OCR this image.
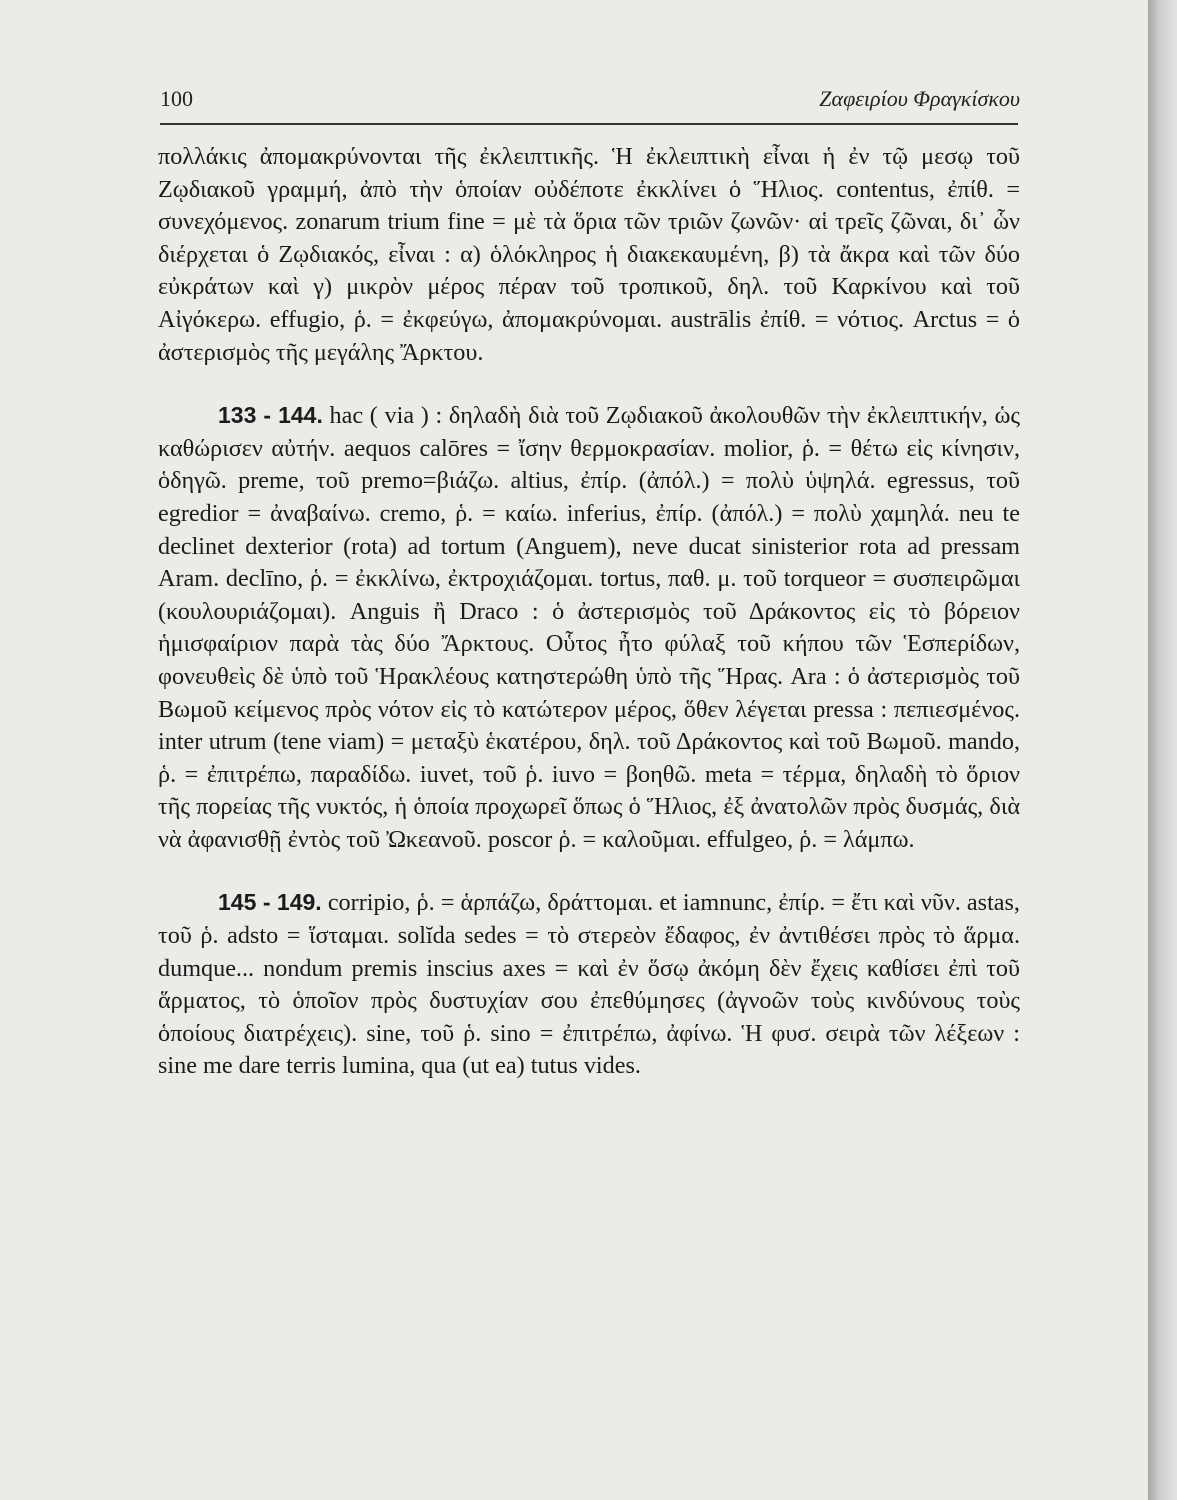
100	Ζαφειρίου Φραγκίσκου

πολλάκις ἀπομακρύνονται τῆς ἐκλειπτικῆς. Ἡ ἐκλειπτικὴ εἶναι ἡ ἐν τῷ μεσῳ τοῦ Ζῳδιακοῦ γραμμή, ἀπὸ τὴν ὁποίαν οὐδέποτε ἐκκλίνει ὁ Ἥλιος. contentus, ἐπίθ. = συνεχόμενος. zonarum trium fine = μὲ τὰ ὅρια τῶν τριῶν ζωνῶν· αἱ τρεῖς ζῶναι, δι᾽ ὧν διέρχεται ὁ Ζῳδιακός, εἶναι : α) ὁλόκληρος ἡ διακεκαυμένη, β) τὰ ἄκρα καὶ τῶν δύο εὐκράτων καὶ γ) μικρὸν μέρος πέραν τοῦ τροπικοῦ, δηλ. τοῦ Καρκίνου καὶ τοῦ Αἰγόκερω. effugio, ῥ. = ἐκφεύγω, ἀπομακρύνομαι. austrālis ἐπίθ. = νότιος. Arctus = ὁ ἀστερισμὸς τῆς μεγάλης Ἄρκτου.

133 - 144. hac ( via ) : δηλαδὴ διὰ τοῦ Ζῳδιακοῦ ἀκολουθῶν τὴν ἐκλειπτικήν, ὡς καθώρισεν αὐτήν. aequos calōres = ἴσην θερμοκρασίαν. molior, ῥ. = θέτω εἰς κίνησιν, ὁδηγῶ. preme, τοῦ premo=βιάζω. altius, ἐπίρ. (ἀπόλ.) = πολὺ ὑψηλά. egressus, τοῦ egredior = ἀναβαίνω. cremo, ῥ. = καίω. inferius, ἐπίρ. (ἀπόλ.) = πολὺ χαμηλά. neu te declinet dexterior (rota) ad tortum (Anguem), neve ducat sinisterior rota ad pressam Aram. declīno, ῥ. = ἐκκλίνω, ἐκτροχιάζομαι. tortus, παθ. μ. τοῦ torqueor = συσπειρῶμαι (κουλουριάζομαι). Anguis ἢ Draco : ὁ ἀστερισμὸς τοῦ Δράκοντος εἰς τὸ βόρειον ἡμισφαίριον παρὰ τὰς δύο Ἄρκτους. Οὗτος ἦτο φύλαξ τοῦ κήπου τῶν Ἑσπερίδων, φονευθεὶς δὲ ὑπὸ τοῦ Ἡρακλέους κατηστερώθη ὑπὸ τῆς Ἥρας. Ara : ὁ ἀστερισμὸς τοῦ Βωμοῦ κείμενος πρὸς νότον εἰς τὸ κατώτερον μέρος, ὅθεν λέγεται pressa : πεπιεσμένος. inter utrum (tene viam) = μεταξὺ ἑκατέρου, δηλ. τοῦ Δράκοντος καὶ τοῦ Βωμοῦ. mando, ῥ. = ἐπιτρέπω, παραδίδω. iuvet, τοῦ ῥ. iuvo = βοηθῶ. meta = τέρμα, δηλαδὴ τὸ ὅριον τῆς πορείας τῆς νυκτός, ἡ ὁποία προχωρεῖ ὅπως ὁ Ἥλιος, ἐξ ἀνατολῶν πρὸς δυσμάς, διὰ νὰ ἀφανισθῇ ἐντὸς τοῦ Ὠκεανοῦ. poscor ῥ. = καλοῦμαι. effulgeo, ῥ. = λάμπω.

145 - 149. corripio, ῥ. = ἁρπάζω, δράττομαι. et iamnunc, ἐπίρ. = ἔτι καὶ νῦν. astas, τοῦ ῥ. adsto = ἵσταμαι. solĭda sedes = τὸ στερεὸν ἔδαφος, ἐν ἀντιθέσει πρὸς τὸ ἅρμα. dumque... nondum premis inscius axes = καὶ ἐν ὅσῳ ἀκόμη δὲν ἔχεις καθίσει ἐπὶ τοῦ ἅρματος, τὸ ὁποῖον πρὸς δυστυχίαν σου ἐπεθύμησες (ἀγνοῶν τοὺς κινδύνους τοὺς ὁποίους διατρέχεις). sine, τοῦ ῥ. sino = ἐπιτρέπω, ἀφίνω. Ἡ φυσ. σειρὰ τῶν λέξεων : sine me dare terris lumina, qua (ut ea) tutus vides.
